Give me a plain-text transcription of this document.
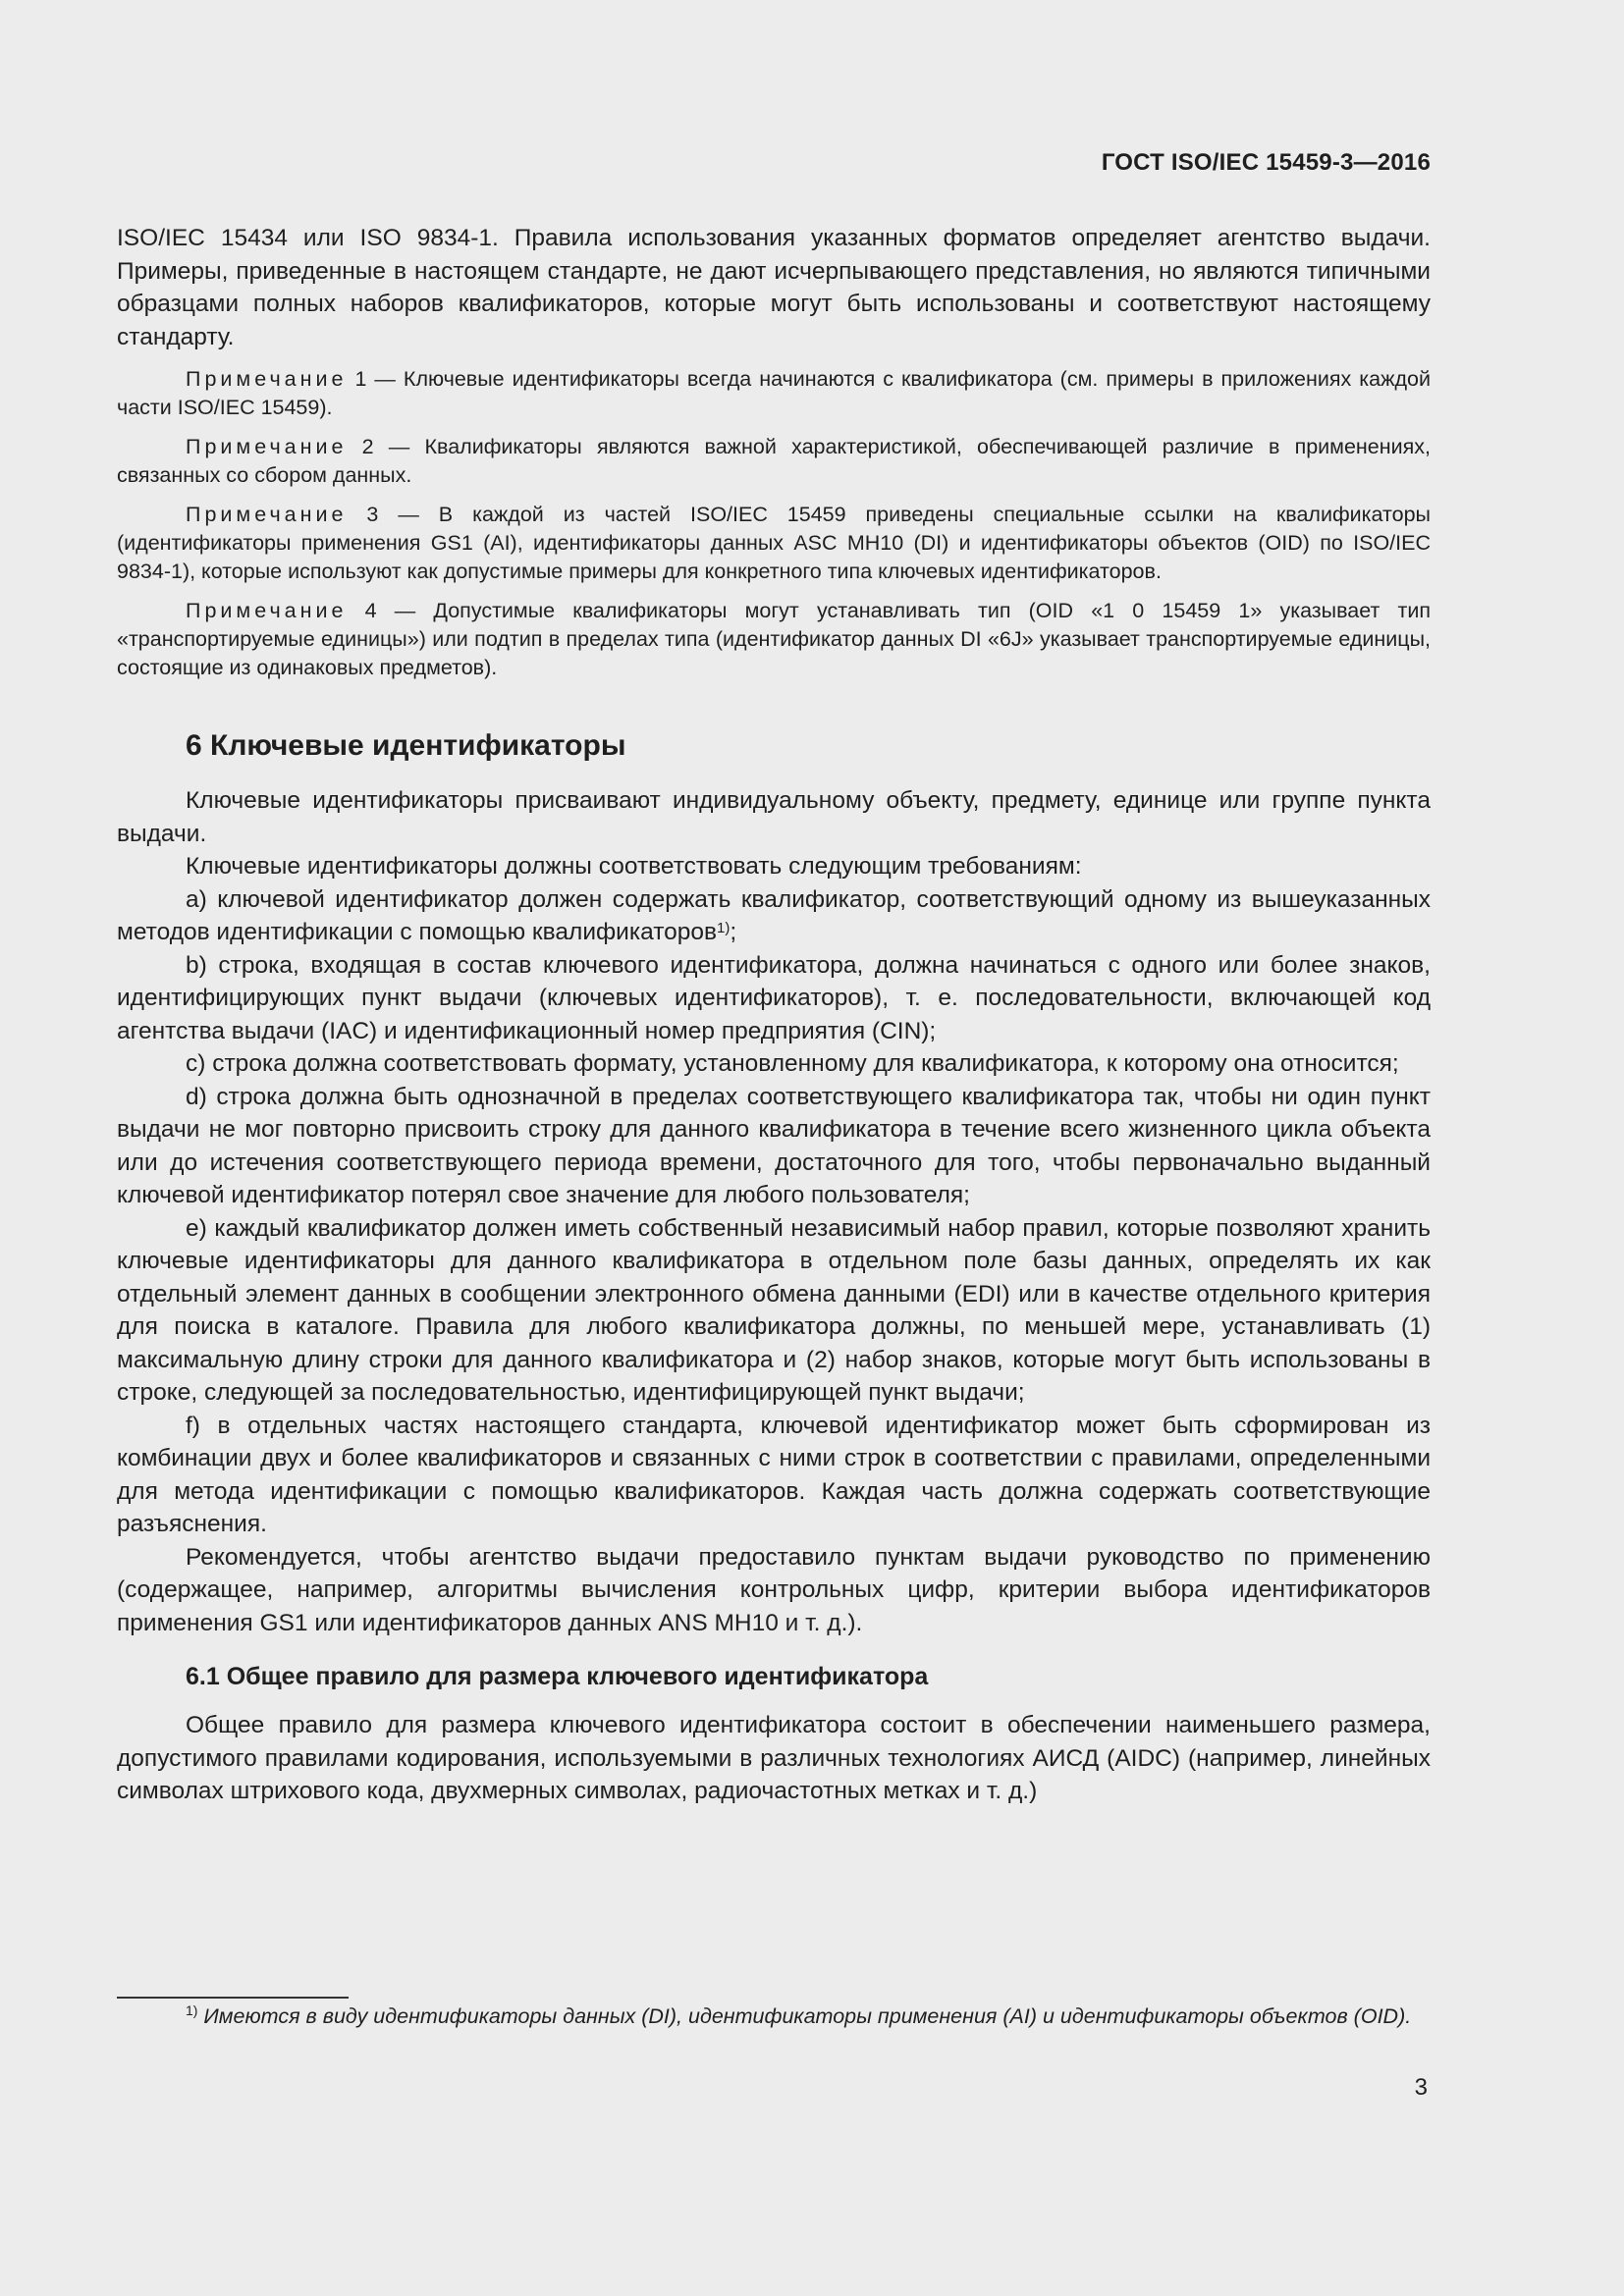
ГОСТ ISO/IEC 15459-3—2016

ISO/IEC 15434 или ISO 9834-1. Правила использования указанных форматов определяет агентство выдачи. Примеры, приведенные в настоящем стандарте, не дают исчерпывающего представления, но являются типичными образцами полных наборов квалификаторов, которые могут быть использованы и соответствуют настоящему стандарту.

Примечание 1 — Ключевые идентификаторы всегда начинаются с квалификатора (см. примеры в приложениях каждой части ISO/IEC 15459).

Примечание 2 — Квалификаторы являются важной характеристикой, обеспечивающей различие в применениях, связанных со сбором данных.

Примечание 3 — В каждой из частей ISO/IEC 15459 приведены специальные ссылки на квалификаторы (идентификаторы применения GS1 (AI), идентификаторы данных ASC MH10 (DI) и идентификаторы объектов (OID) по ISO/IEC 9834-1), которые используют как допустимые примеры для конкретного типа ключевых идентификаторов.

Примечание 4 — Допустимые квалификаторы могут устанавливать тип (OID «1 0 15459 1» указывает тип «транспортируемые единицы») или подтип в пределах типа (идентификатор данных DI «6J» указывает транспортируемые единицы, состоящие из одинаковых предметов).

6 Ключевые идентификаторы

Ключевые идентификаторы присваивают индивидуальному объекту, предмету, единице или группе пункта выдачи.

Ключевые идентификаторы должны соответствовать следующим требованиям:

a) ключевой идентификатор должен содержать квалификатор, соответствующий одному из вышеуказанных методов идентификации с помощью квалификаторов$^{1)}$;

b) строка, входящая в состав ключевого идентификатора, должна начинаться с одного или более знаков, идентифицирующих пункт выдачи (ключевых идентификаторов), т. е. последовательности, включающей код агентства выдачи (IAC) и идентификационный номер предприятия (CIN);

c) строка должна соответствовать формату, установленному для квалификатора, к которому она относится;

d) строка должна быть однозначной в пределах соответствующего квалификатора так, чтобы ни один пункт выдачи не мог повторно присвоить строку для данного квалификатора в течение всего жизненного цикла объекта или до истечения соответствующего периода времени, достаточного для того, чтобы первоначально выданный ключевой идентификатор потерял свое значение для любого пользователя;

e) каждый квалификатор должен иметь собственный независимый набор правил, которые позволяют хранить ключевые идентификаторы для данного квалификатора в отдельном поле базы данных, определять их как отдельный элемент данных в сообщении электронного обмена данными (EDI) или в качестве отдельного критерия для поиска в каталоге. Правила для любого квалификатора должны, по меньшей мере, устанавливать (1) максимальную длину строки для данного квалификатора и (2) набор знаков, которые могут быть использованы в строке, следующей за последовательностью, идентифицирующей пункт выдачи;

f) в отдельных частях настоящего стандарта, ключевой идентификатор может быть сформирован из комбинации двух и более квалификаторов и связанных с ними строк в соответствии с правилами, определенными для метода идентификации с помощью квалификаторов. Каждая часть должна содержать соответствующие разъяснения.

Рекомендуется, чтобы агентство выдачи предоставило пунктам выдачи руководство по применению (содержащее, например, алгоритмы вычисления контрольных цифр, критерии выбора идентификаторов применения GS1 или идентификаторов данных ANS MH10 и т. д.).

6.1 Общее правило для размера ключевого идентификатора

Общее правило для размера ключевого идентификатора состоит в обеспечении наименьшего размера, допустимого правилами кодирования, используемыми в различных технологиях АИСД (AIDC) (например, линейных символах штрихового кода, двухмерных символах, радиочастотных метках и т. д.)

$^{1)}$ Имеются в виду идентификаторы данных (DI), идентификаторы применения (AI) и идентификаторы объектов (OID).

3
